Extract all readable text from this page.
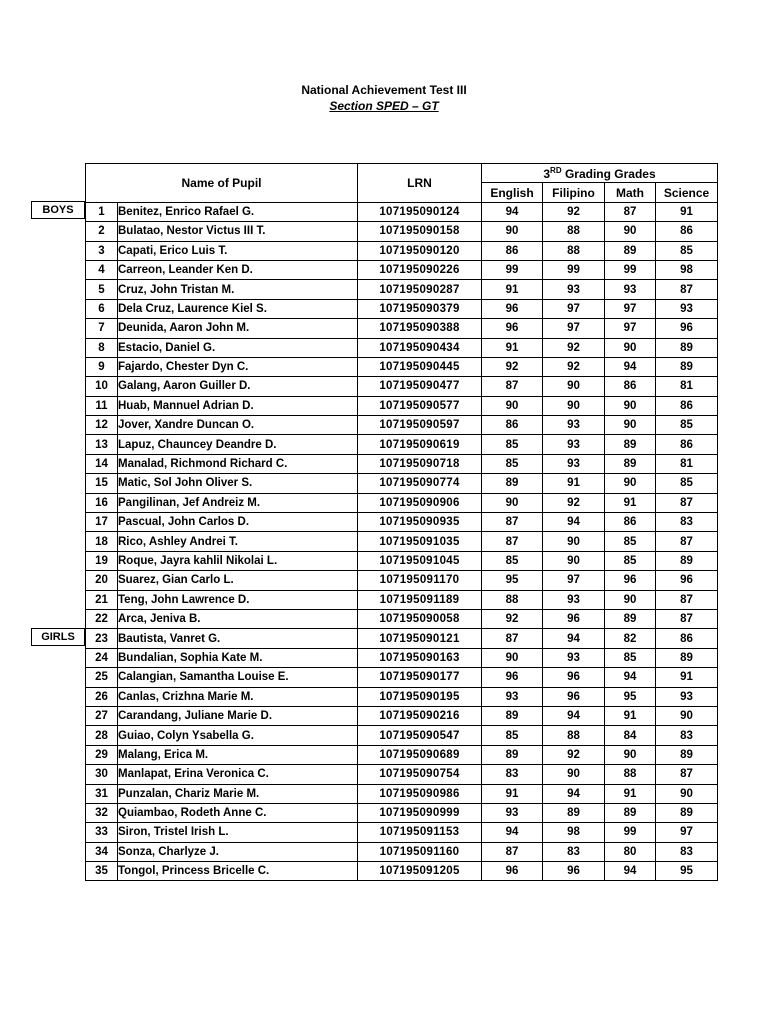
National Achievement Test III
Section SPED – GT
BOYS
GIRLS
Name of Pupil		LRN	3RD Grading Grades			
			English	Filipino	Math	Science
1	Benitez, Enrico Rafael G.	107195090124	94	92	87	91
2	Bulatao, Nestor Victus III T.	107195090158	90	88	90	86
3	Capati, Erico Luis T.	107195090120	86	88	89	85
4	Carreon, Leander Ken D.	107195090226	99	99	99	98
5	Cruz, John Tristan M.	107195090287	91	93	93	87
6	Dela Cruz, Laurence Kiel S.	107195090379	96	97	97	93
7	Deunida, Aaron John M.	107195090388	96	97	97	96
8	Estacio, Daniel G.	107195090434	91	92	90	89
9	Fajardo, Chester Dyn C.	107195090445	92	92	94	89
10	Galang, Aaron Guiller D.	107195090477	87	90	86	81
11	Huab, Mannuel Adrian D.	107195090577	90	90	90	86
12	Jover, Xandre Duncan O.	107195090597	86	93	90	85
13	Lapuz, Chauncey Deandre D.	107195090619	85	93	89	86
14	Manalad, Richmond Richard C.	107195090718	85	93	89	81
15	Matic, Sol John Oliver S.	107195090774	89	91	90	85
16	Pangilinan, Jef Andreiz M.	107195090906	90	92	91	87
17	Pascual, John Carlos D.	107195090935	87	94	86	83
18	Rico, Ashley Andrei T.	107195091035	87	90	85	87
19	Roque, Jayra kahlil Nikolai L.	107195091045	85	90	85	89
20	Suarez, Gian Carlo L.	107195091170	95	97	96	96
21	Teng, John Lawrence D.	107195091189	88	93	90	87
22	Arca, Jeniva B.	107195090058	92	96	89	87
23	Bautista, Vanret G.	107195090121	87	94	82	86
24	Bundalian, Sophia Kate M.	107195090163	90	93	85	89
25	Calangian, Samantha Louise E.	107195090177	96	96	94	91
26	Canlas, Crizhna Marie M.	107195090195	93	96	95	93
27	Carandang, Juliane Marie D.	107195090216	89	94	91	90
28	Guiao, Colyn Ysabella G.	107195090547	85	88	84	83
29	Malang, Erica M.	107195090689	89	92	90	89
30	Manlapat, Erina Veronica C.	107195090754	83	90	88	87
31	Punzalan, Chariz Marie M.	107195090986	91	94	91	90
32	Quiambao, Rodeth Anne C.	107195090999	93	89	89	89
33	Siron, Tristel Irish L.	107195091153	94	98	99	97
34	Sonza, Charlyze J.	107195091160	87	83	80	83
35	Tongol, Princess Bricelle C.	107195091205	96	96	94	95
